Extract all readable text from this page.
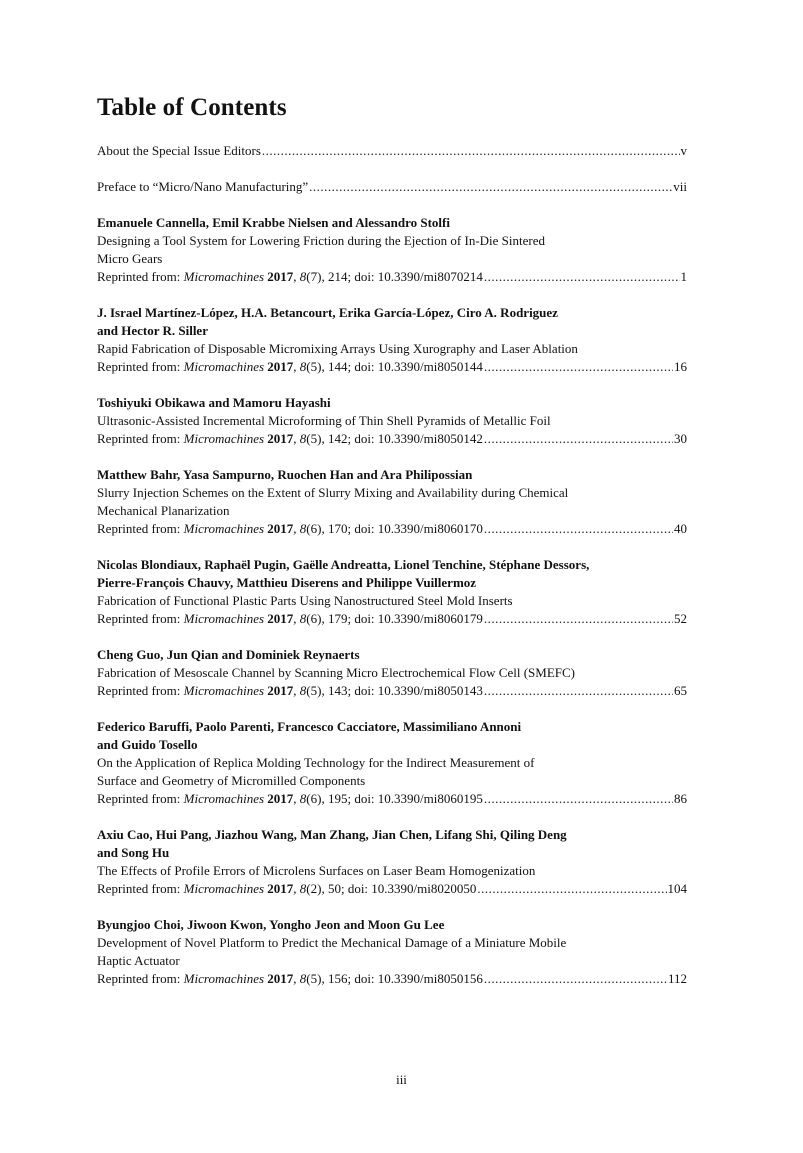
Table of Contents
About the Special Issue Editors .....	v
Preface to “Micro/Nano Manufacturing” .....	vii
Emanuele Cannella, Emil Krabbe Nielsen and Alessandro Stolfi
Designing a Tool System for Lowering Friction during the Ejection of In-Die Sintered
Micro Gears
Reprinted from: Micromachines 2017, 8(7), 214; doi: 10.3390/mi8070214 .....	1
J. Israel Martínez-López, H.A. Betancourt, Erika García-López, Ciro A. Rodriguez
and Hector R. Siller
Rapid Fabrication of Disposable Micromixing Arrays Using Xurography and Laser Ablation
Reprinted from: Micromachines 2017, 8(5), 144; doi: 10.3390/mi8050144 .....	16
Toshiyuki Obikawa and Mamoru Hayashi
Ultrasonic-Assisted Incremental Microforming of Thin Shell Pyramids of Metallic Foil
Reprinted from: Micromachines 2017, 8(5), 142; doi: 10.3390/mi8050142 .....	30
Matthew Bahr, Yasa Sampurno, Ruochen Han and Ara Philipossian
Slurry Injection Schemes on the Extent of Slurry Mixing and Availability during Chemical
Mechanical Planarization
Reprinted from: Micromachines 2017, 8(6), 170; doi: 10.3390/mi8060170 .....	40
Nicolas Blondiaux, Raphaël Pugin, Gaëlle Andreatta, Lionel Tenchine, Stéphane Dessors,
Pierre-François Chauvy, Matthieu Diserens and Philippe Vuillermoz
Fabrication of Functional Plastic Parts Using Nanostructured Steel Mold Inserts
Reprinted from: Micromachines 2017, 8(6), 179; doi: 10.3390/mi8060179 .....	52
Cheng Guo, Jun Qian and Dominiek Reynaerts
Fabrication of Mesoscale Channel by Scanning Micro Electrochemical Flow Cell (SMEFC)
Reprinted from: Micromachines 2017, 8(5), 143; doi: 10.3390/mi8050143 .....	65
Federico Baruffi, Paolo Parenti, Francesco Cacciatore, Massimiliano Annoni
and Guido Tosello
On the Application of Replica Molding Technology for the Indirect Measurement of
Surface and Geometry of Micromilled Components
Reprinted from: Micromachines 2017, 8(6), 195; doi: 10.3390/mi8060195 .....	86
Axiu Cao, Hui Pang, Jiazhou Wang, Man Zhang, Jian Chen, Lifang Shi, Qiling Deng
and Song Hu
The Effects of Profile Errors of Microlens Surfaces on Laser Beam Homogenization
Reprinted from: Micromachines 2017, 8(2), 50; doi: 10.3390/mi8020050 .....	104
Byungjoo Choi, Jiwoon Kwon, Yongho Jeon and Moon Gu Lee
Development of Novel Platform to Predict the Mechanical Damage of a Miniature Mobile
Haptic Actuator
Reprinted from: Micromachines 2017, 8(5), 156; doi: 10.3390/mi8050156 .....	112
iii
